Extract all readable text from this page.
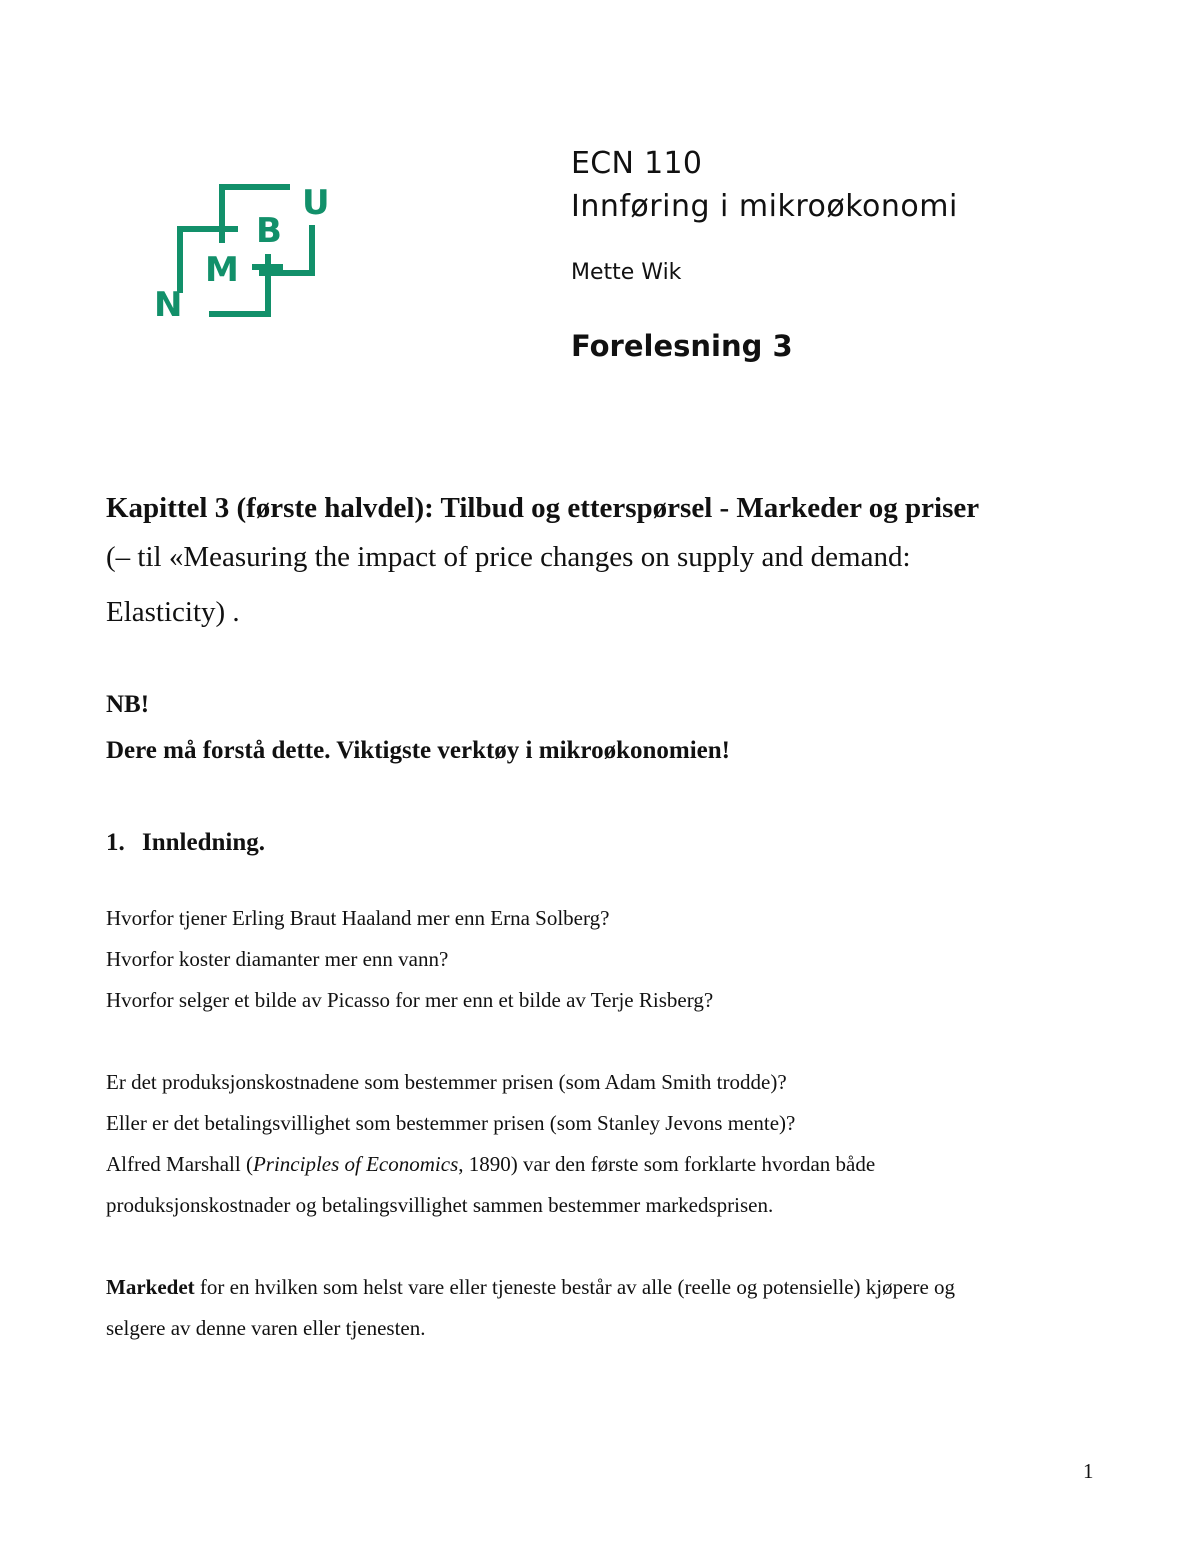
N
M
B
U

ECN 110

Innføring i mikroøkonomi

Mette Wik

Forelesning 3

Kapittel 3 (første halvdel): Tilbud og etterspørsel - Markeder og priser

(– til «Measuring the impact of price changes on supply and demand:

Elasticity) .

NB!

Dere må forstå dette. Viktigste verktøy i mikroøkonomien!

1. Innledning.

Hvorfor tjener Erling Braut Haaland mer enn Erna Solberg?

Hvorfor koster diamanter mer enn vann?

Hvorfor selger et bilde av Picasso for mer enn et bilde av Terje Risberg?

Er det produksjonskostnadene som bestemmer prisen (som Adam Smith trodde)?

Eller er det betalingsvillighet som bestemmer prisen (som Stanley Jevons mente)?

Alfred Marshall (Principles of Economics, 1890) var den første som forklarte hvordan både

produksjonskostnader og betalingsvillighet sammen bestemmer markedsprisen.

Markedet for en hvilken som helst vare eller tjeneste består av alle (reelle og potensielle) kjøpere og

selgere av denne varen eller tjenesten.

1
